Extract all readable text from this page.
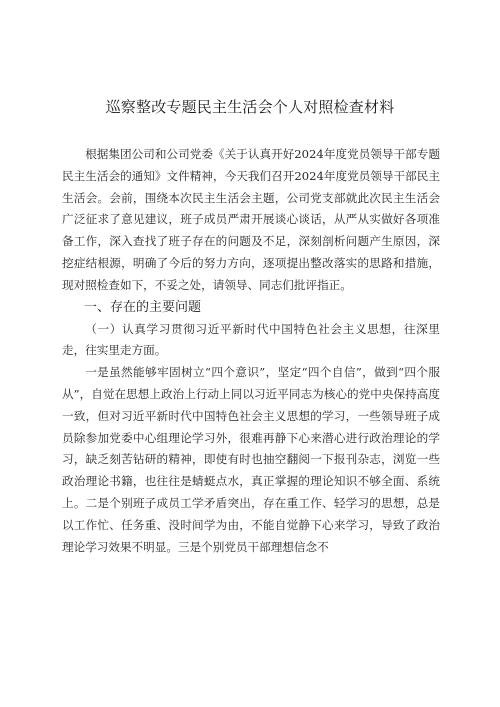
巡察整改专题民主生活会个人对照检查材料

根据集团公司和公司党委《关于认真开好2024年度党员领导干部专题民主生活会的通知》文件精神，今天我们召开2024年度党员领导干部民主生活会。会前，围绕本次民主生活会主题，公司党支部就此次民主生活会广泛征求了意见建议，班子成员严肃开展谈心谈话，从严从实做好各项准备工作，深入查找了班子存在的问题及不足，深刻剖析问题产生原因，深挖症结根源，明确了今后的努力方向，逐项提出整改落实的思路和措施，现对照检查如下，不妥之处，请领导、同志们批评指正。

一、存在的主要问题

（一）认真学习贯彻习近平新时代中国特色社会主义思想，往深里走，往实里走方面。

一是虽然能够牢固树立“四个意识”，坚定“四个自信”，做到“四个服从”，自觉在思想上政治上行动上同以习近平同志为核心的党中央保持高度一致，但对习近平新时代中国特色社会主义思想的学习，一些领导班子成员除参加党委中心组理论学习外，很难再静下心来潜心进行政治理论的学习，缺乏刻苦钻研的精神，即使有时也抽空翻阅一下报刊杂志，浏览一些政治理论书籍，也往往是蜻蜓点水，真正掌握的理论知识不够全面、系统上。二是个别班子成员工学矛盾突出，存在重工作、轻学习的思想，总是以工作忙、任务重、没时间学为由，不能自觉静下心来学习，导致了政治理论学习效果不明显。三是个别党员干部理想信念不
